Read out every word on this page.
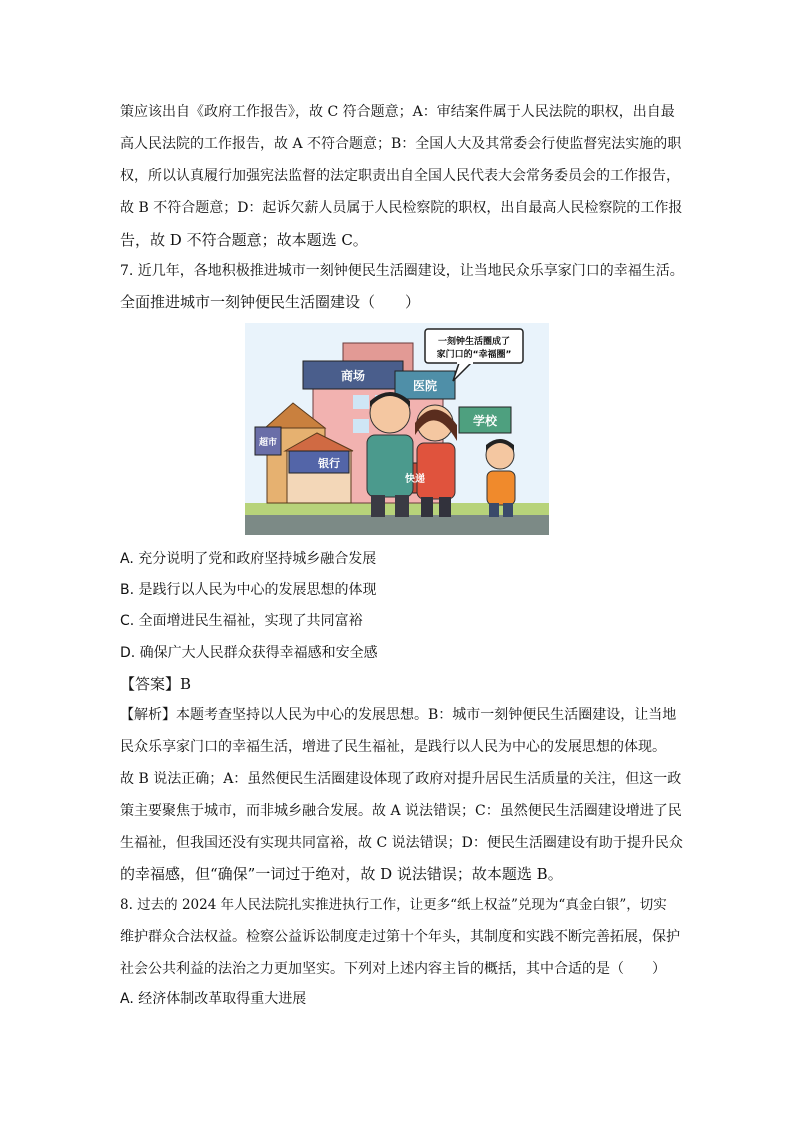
策应该出自《政府工作报告》，故 C 符合题意；A：审结案件属于人民法院的职权，出自最
高人民法院的工作报告，故 A 不符合题意；B：全国人大及其常委会行使监督宪法实施的职
权，所以认真履行加强宪法监督的法定职责出自全国人民代表大会常务委员会的工作报告，
故 B 不符合题意；D：起诉欠薪人员属于人民检察院的职权，出自最高人民检察院的工作报
告，故 D 不符合题意；故本题选 C。
7. 近几年，各地积极推进城市一刻钟便民生活圈建设，让当地民众乐享家门口的幸福生活。
全面推进城市一刻钟便民生活圈建设（　　）
一刻钟生活圈成了
家门口的“幸福圈”
商场
医院
学校
超市
银行
快递
A. 充分说明了党和政府坚持城乡融合发展
B. 是践行以人民为中心的发展思想的体现
C. 全面增进民生福祉，实现了共同富裕
D. 确保广大人民群众获得幸福感和安全感
【答案】B
【解析】本题考查坚持以人民为中心的发展思想。B：城市一刻钟便民生活圈建设，让当地
民众乐享家门口的幸福生活，增进了民生福祉，是践行以人民为中心的发展思想的体现。
故 B 说法正确；A：虽然便民生活圈建设体现了政府对提升居民生活质量的关注，但这一政
策主要聚焦于城市，而非城乡融合发展。故 A 说法错误；C：虽然便民生活圈建设增进了民
生福祉，但我国还没有实现共同富裕，故 C 说法错误；D：便民生活圈建设有助于提升民众
的幸福感，但“确保”一词过于绝对，故 D 说法错误；故本题选 B。
8. 过去的 2024 年人民法院扎实推进执行工作，让更多“纸上权益”兑现为“真金白银”，切实
维护群众合法权益。检察公益诉讼制度走过第十个年头，其制度和实践不断完善拓展，保护
社会公共利益的法治之力更加坚实。下列对上述内容主旨的概括，其中合适的是（　　）
A. 经济体制改革取得重大进展
